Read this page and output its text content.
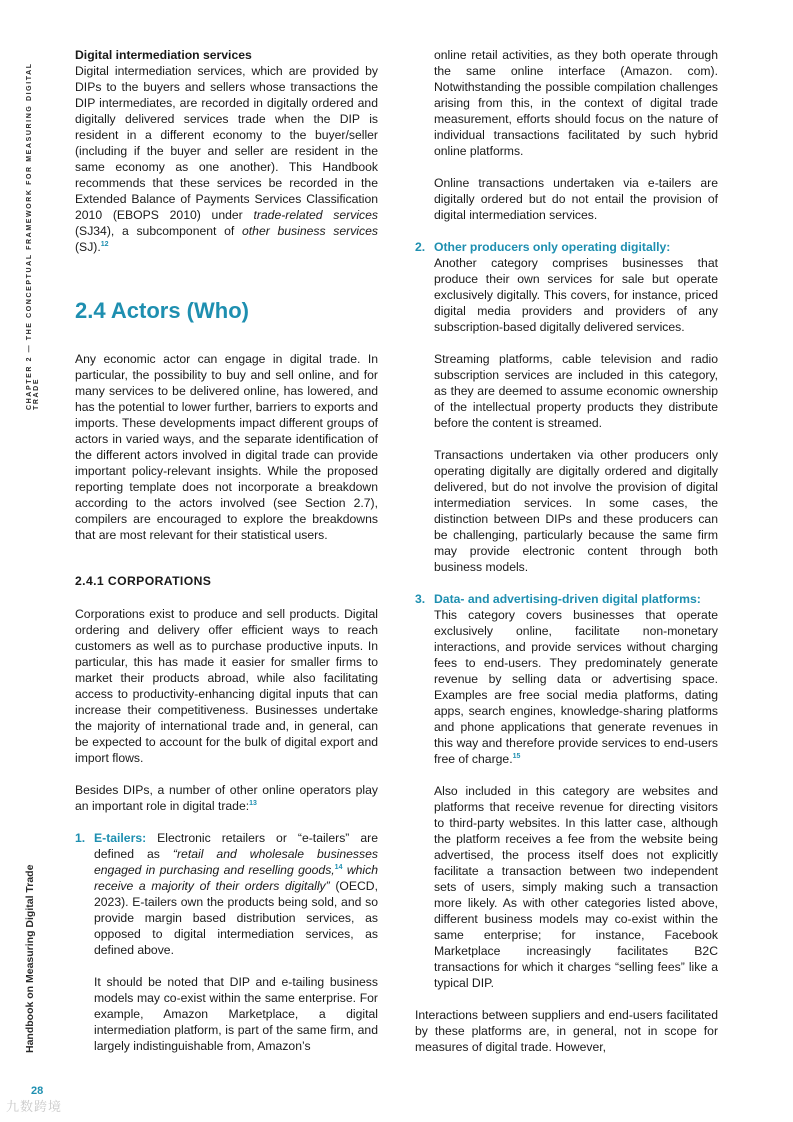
CHAPTER 2 — THE CONCEPTUAL FRAMEWORK FOR MEASURING DIGITAL TRADE
Handbook on Measuring Digital Trade
28
九数跨境

Digital intermediation services

Digital intermediation services, which are provided by DIPs to the buyers and sellers whose transactions the DIP intermediates, are recorded in digitally ordered and digitally delivered services trade when the DIP is resident in a different economy to the buyer/seller (including if the buyer and seller are resident in the same economy as one another). This Handbook recommends that these services be recorded in the Extended Balance of Payments Services Classification 2010 (EBOPS 2010) under trade-related services (SJ34), a subcomponent of other business services (SJ).$^{12}$

2.4 Actors (Who)

Any economic actor can engage in digital trade. In particular, the possibility to buy and sell online, and for many services to be delivered online, has lowered, and has the potential to lower further, barriers to exports and imports. These developments impact different groups of actors in varied ways, and the separate identification of the different actors involved in digital trade can provide important policy-relevant insights. While the proposed reporting template does not incorporate a breakdown according to the actors involved (see Section 2.7), compilers are encouraged to explore the breakdowns that are most relevant for their statistical users.

2.4.1 CORPORATIONS

Corporations exist to produce and sell products. Digital ordering and delivery offer efficient ways to reach customers as well as to purchase productive inputs. In particular, this has made it easier for smaller firms to market their products abroad, while also facilitating access to productivity-enhancing digital inputs that can increase their competitiveness. Businesses undertake the majority of international trade and, in general, can be expected to account for the bulk of digital export and import flows.

Besides DIPs, a number of other online operators play an important role in digital trade:$^{13}$

1. E-tailers: Electronic retailers or “e-tailers” are defined as “retail and wholesale businesses engaged in purchasing and reselling goods,$^{14}$ which receive a majority of their orders digitally” (OECD, 2023). E-tailers own the products being sold, and so provide margin based distribution services, as opposed to digital intermediation services, as defined above.

It should be noted that DIP and e-tailing business models may co-exist within the same enterprise. For example, Amazon Marketplace, a digital intermediation platform, is part of the same firm, and largely indistinguishable from, Amazon’s

online retail activities, as they both operate through the same online interface (Amazon. com). Notwithstanding the possible compilation challenges arising from this, in the context of digital trade measurement, efforts should focus on the nature of individual transactions facilitated by such hybrid online platforms.

Online transactions undertaken via e-tailers are digitally ordered but do not entail the provision of digital intermediation services.

2. Other producers only operating digitally:

Another category comprises businesses that produce their own services for sale but operate exclusively digitally. This covers, for instance, priced digital media providers and providers of any subscription-based digitally delivered services.

Streaming platforms, cable television and radio subscription services are included in this category, as they are deemed to assume economic ownership of the intellectual property products they distribute before the content is streamed.

Transactions undertaken via other producers only operating digitally are digitally ordered and digitally delivered, but do not involve the provision of digital intermediation services. In some cases, the distinction between DIPs and these producers can be challenging, particularly because the same firm may provide electronic content through both business models.

3. Data- and advertising-driven digital platforms:

This category covers businesses that operate exclusively online, facilitate non-monetary interactions, and provide services without charging fees to end-users. They predominately generate revenue by selling data or advertising space. Examples are free social media platforms, dating apps, search engines, knowledge-sharing platforms and phone applications that generate revenues in this way and therefore provide services to end-users free of charge.$^{15}$

Also included in this category are websites and platforms that receive revenue for directing visitors to third-party websites. In this latter case, although the platform receives a fee from the website being advertised, the process itself does not explicitly facilitate a transaction between two independent sets of users, simply making such a transaction more likely. As with other categories listed above, different business models may co-exist within the same enterprise; for instance, Facebook Marketplace increasingly facilitates B2C transactions for which it charges “selling fees” like a typical DIP.

Interactions between suppliers and end-users facilitated by these platforms are, in general, not in scope for measures of digital trade. However,
